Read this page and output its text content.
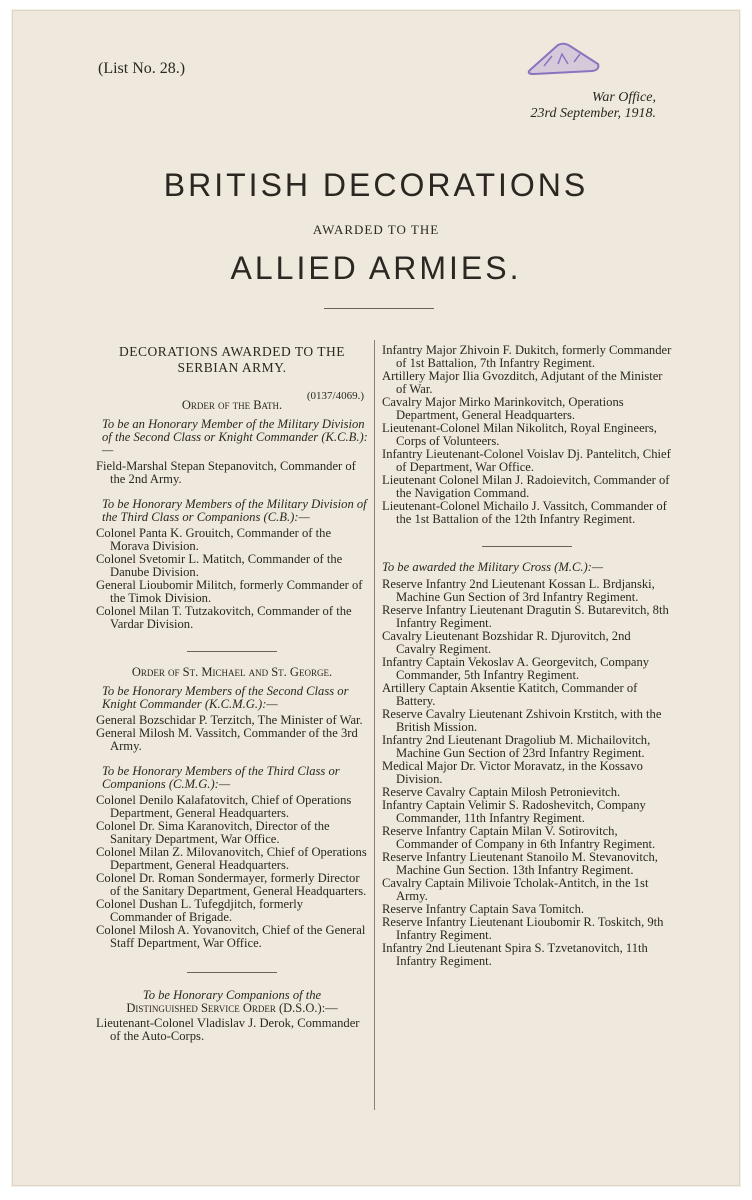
(List No. 28.)
War Office,
23rd September, 1918.
BRITISH DECORATIONS
AWARDED TO THE
ALLIED ARMIES.
DECORATIONS AWARDED TO THE
SERBIAN ARMY.
(0137/4069.)
Order of the Bath.
To be an Honorary Member of the Military Division of the Second Class or Knight Commander (K.C.B.):—

Field-Marshal Stepan Stepanovitch, Commander of the 2nd Army.

To be Honorary Members of the Military Division of the Third Class or Companions (C.B.):—

Colonel Panta K. Grouitch, Commander of the Morava Division.

Colonel Svetomir L. Matitch, Commander of the Danube Division.

General Lioubomir Militch, formerly Commander of the Timok Division.

Colonel Milan T. Tutzakovitch, Commander of the Vardar Division.

Order of St. Michael and St. George.
To be Honorary Members of the Second Class or Knight Commander (K.C.M.G.):—

General Bozschidar P. Terzitch, The Minister of War.

General Milosh M. Vassitch, Commander of the 3rd Army.

To be Honorary Members of the Third Class or Companions (C.M.G.):—

Colonel Denilo Kalafatovitch, Chief of Operations Department, General Headquarters.

Colonel Dr. Sima Karanovitch, Director of the Sanitary Department, War Office.

Colonel Milan Z. Milovanovitch, Chief of Operations Department, General Headquarters.

Colonel Dr. Roman Sondermayer, formerly Director of the Sanitary Department, General Headquarters.

Colonel Dushan L. Tufegdjitch, formerly Commander of Brigade.

Colonel Milosh A. Yovanovitch, Chief of the General Staff Department, War Office.

To be Honorary Companions of the
Distinguished Service Order (D.S.O.):—

Lieutenant-Colonel Vladislav J. Derok, Commander of the Auto-Corps.

Infantry Major Zhivoin F. Dukitch, formerly Commander of 1st Battalion, 7th Infantry Regiment.

Artillery Major Ilia Gvozditch, Adjutant of the Minister of War.

Cavalry Major Mirko Marinkovitch, Operations Department, General Headquarters.

Lieutenant-Colonel Milan Nikolitch, Royal Engineers, Corps of Volunteers.

Infantry Lieutenant-Colonel Voislav Dj. Pantelitch, Chief of Department, War Office.

Lieutenant Colonel Milan J. Radoievitch, Commander of the Navigation Command.

Lieutenant-Colonel Michailo J. Vassitch, Commander of the 1st Battalion of the 12th Infantry Regiment.

To be awarded the Military Cross (M.C.):—

Reserve Infantry 2nd Lieutenant Kossan L. Brdjanski, Machine Gun Section of 3rd Infantry Regiment.

Reserve Infantry Lieutenant Dragutin S. Butarevitch, 8th Infantry Regiment.

Cavalry Lieutenant Bozshidar R. Djurovitch, 2nd Cavalry Regiment.

Infantry Captain Vekoslav A. Georgevitch, Company Commander, 5th Infantry Regiment.

Artillery Captain Aksentie Katitch, Commander of Battery.

Reserve Cavalry Lieutenant Zshivoin Krstitch, with the British Mission.

Infantry 2nd Lieutenant Dragoliub M. Michailovitch, Machine Gun Section of 23rd Infantry Regiment.

Medical Major Dr. Victor Moravatz, in the Kossavo Division.

Reserve Cavalry Captain Milosh Petronievitch.

Infantry Captain Velimir S. Radoshevitch, Company Commander, 11th Infantry Regiment.

Reserve Infantry Captain Milan V. Sotirovitch, Commander of Company in 6th Infantry Regiment.

Reserve Infantry Lieutenant Stanoilo M. Stevanovitch, Machine Gun Section. 13th Infantry Regiment.

Cavalry Captain Milivoie Tcholak-Antitch, in the 1st Army.

Reserve Infantry Captain Sava Tomitch.

Reserve Infantry Lieutenant Lioubomir R. Toskitch, 9th Infantry Regiment.

Infantry 2nd Lieutenant Spira S. Tzvetanovitch, 11th Infantry Regiment.
